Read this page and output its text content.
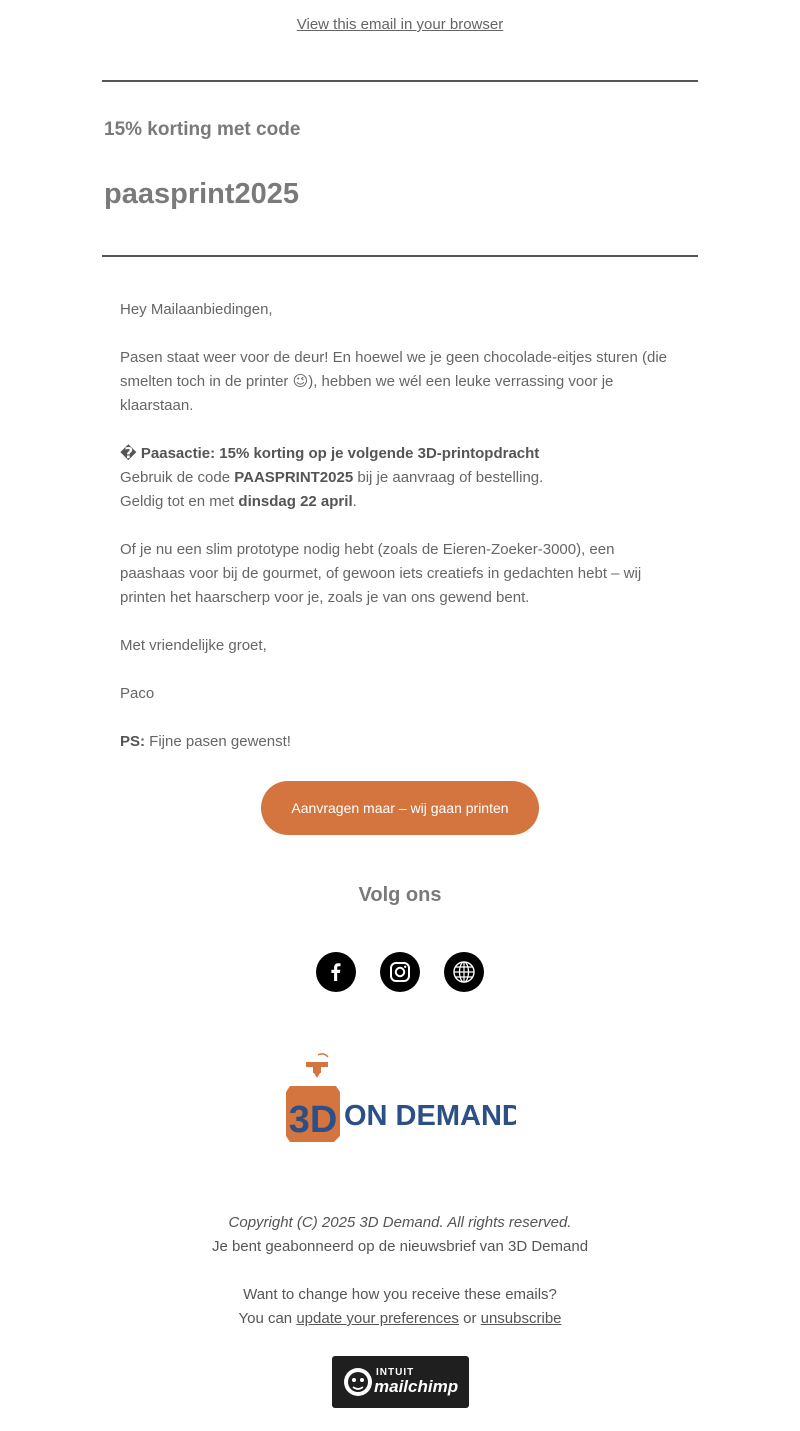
View this email in your browser
15% korting met code
paasprint2025

Hey Mailaanbiedingen,

Pasen staat weer voor de deur! En hoewel we je geen chocolade-eitjes sturen (die smelten toch in de printer 😉), hebben we wél een leuke verrassing voor je klaarstaan.

� Paasactie: 15% korting op je volgende 3D-printopdracht
Gebruik de code PAASPRINT2025 bij je aanvraag of bestelling.
Geldig tot en met dinsdag 22 april.

Of je nu een slim prototype nodig hebt (zoals de Eieren-Zoeker-3000), een paashaas voor bij de gourmet, of gewoon iets creatiefs in gedachten hebt – wij printen het haarscherp voor je, zoals je van ons gewend bent.

Met vriendelijke groet,

Paco

PS: Fijne pasen gewenst!

Aanvragen maar – wij gaan printen
Volg ons
3D ON DEMAND
Copyright (C) 2025 3D Demand. All rights reserved.
Je bent geabonneerd op de nieuwsbrief van 3D Demand
Want to change how you receive these emails?
You can update your preferences or unsubscribe
INTUIT
mailchimp
